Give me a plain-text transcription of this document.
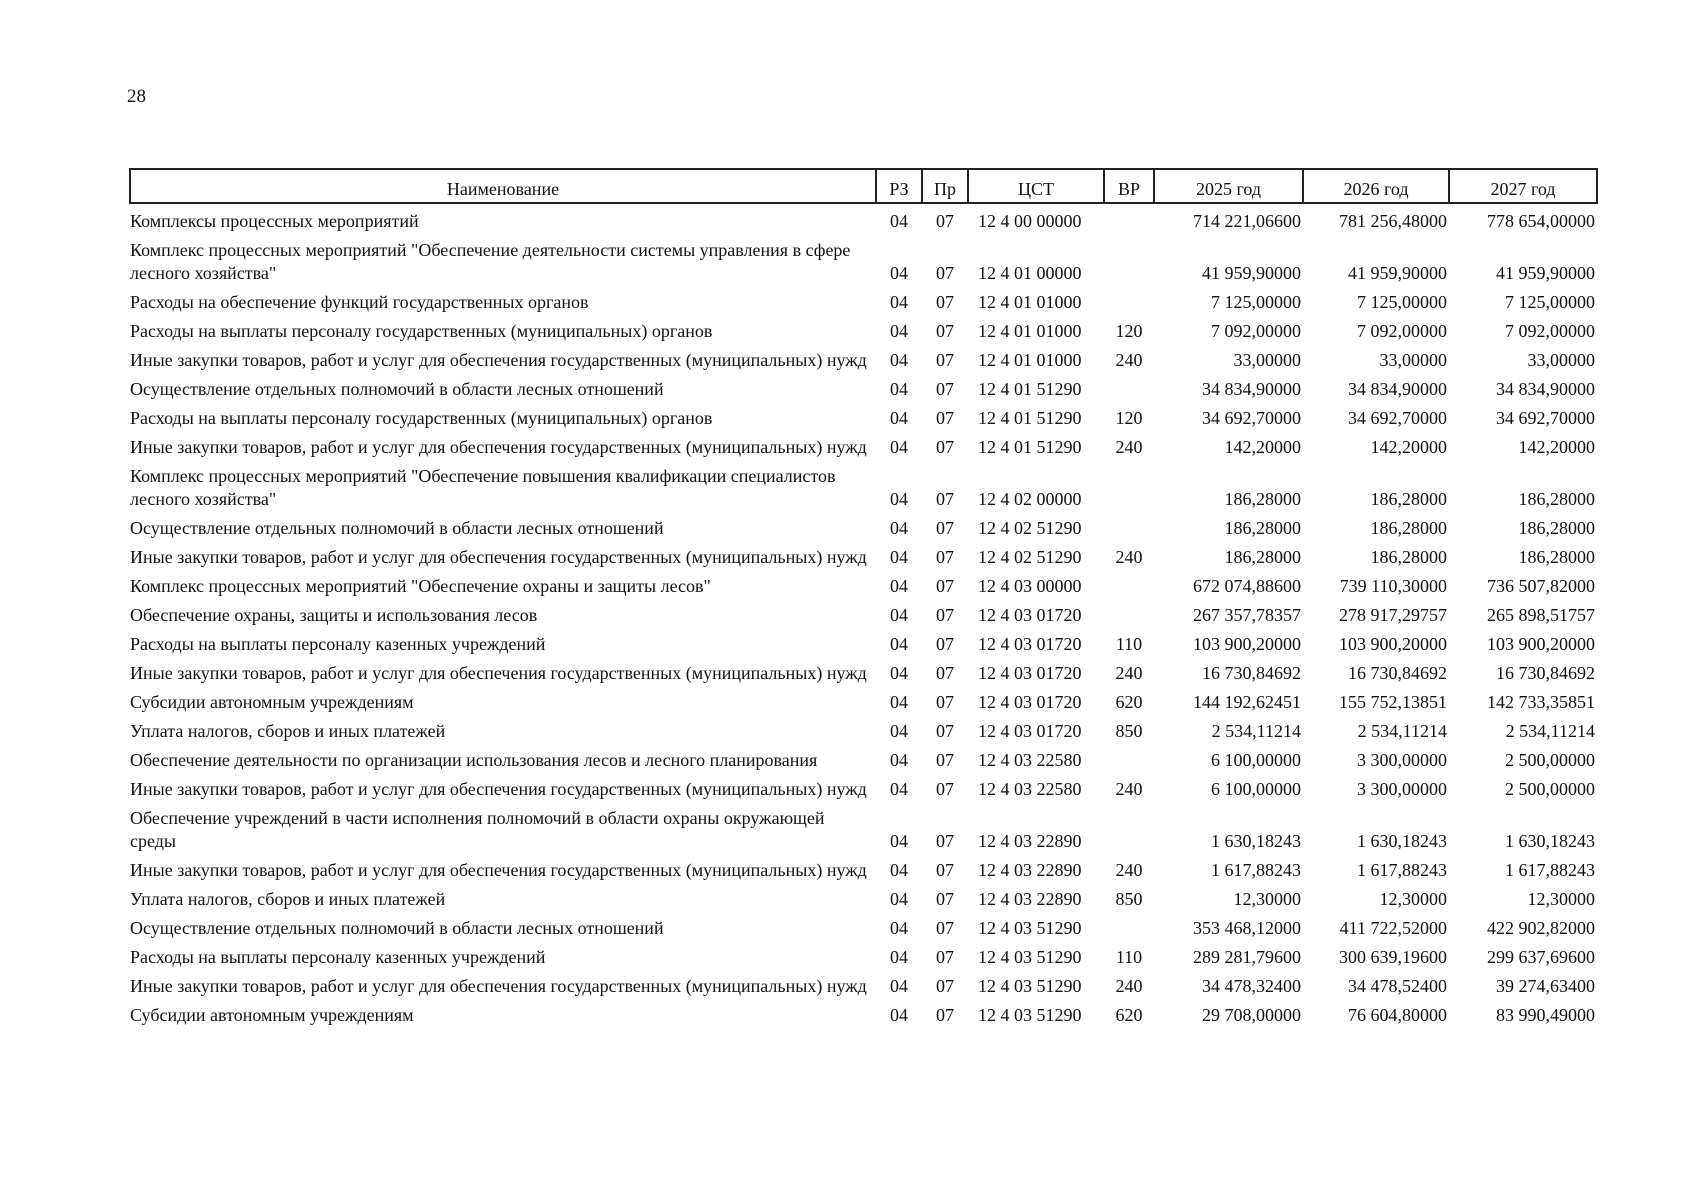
28
Наименование	РЗ	Пр	ЦСТ	ВР	2025 год	2026 год	2027 год
Комплексы процессных мероприятий	04	07	12 4 00 00000		714 221,06600	781 256,48000	778 654,00000
Комплекс процессных мероприятий "Обеспечение деятельности системы управления в сфере лесного хозяйства"	04	07	12 4 01 00000		41 959,90000	41 959,90000	41 959,90000
Расходы на обеспечение функций государственных органов	04	07	12 4 01 01000		7 125,00000	7 125,00000	7 125,00000
Расходы на выплаты персоналу государственных (муниципальных) органов	04	07	12 4 01 01000	120	7 092,00000	7 092,00000	7 092,00000
Иные закупки товаров, работ и услуг для обеспечения государственных (муниципальных) нужд	04	07	12 4 01 01000	240	33,00000	33,00000	33,00000
Осуществление отдельных полномочий в области лесных отношений	04	07	12 4 01 51290		34 834,90000	34 834,90000	34 834,90000
Расходы на выплаты персоналу государственных (муниципальных) органов	04	07	12 4 01 51290	120	34 692,70000	34 692,70000	34 692,70000
Иные закупки товаров, работ и услуг для обеспечения государственных (муниципальных) нужд	04	07	12 4 01 51290	240	142,20000	142,20000	142,20000
Комплекс процессных мероприятий "Обеспечение повышения квалификации специалистов лесного хозяйства"	04	07	12 4 02 00000		186,28000	186,28000	186,28000
Осуществление отдельных полномочий в области лесных отношений	04	07	12 4 02 51290		186,28000	186,28000	186,28000
Иные закупки товаров, работ и услуг для обеспечения государственных (муниципальных) нужд	04	07	12 4 02 51290	240	186,28000	186,28000	186,28000
Комплекс процессных мероприятий "Обеспечение охраны и защиты лесов"	04	07	12 4 03 00000		672 074,88600	739 110,30000	736 507,82000
Обеспечение охраны, защиты и использования лесов	04	07	12 4 03 01720		267 357,78357	278 917,29757	265 898,51757
Расходы на выплаты персоналу казенных учреждений	04	07	12 4 03 01720	110	103 900,20000	103 900,20000	103 900,20000
Иные закупки товаров, работ и услуг для обеспечения государственных (муниципальных) нужд	04	07	12 4 03 01720	240	16 730,84692	16 730,84692	16 730,84692
Субсидии автономным учреждениям	04	07	12 4 03 01720	620	144 192,62451	155 752,13851	142 733,35851
Уплата налогов, сборов и иных платежей	04	07	12 4 03 01720	850	2 534,11214	2 534,11214	2 534,11214
Обеспечение деятельности по организации использования лесов и лесного планирования	04	07	12 4 03 22580		6 100,00000	3 300,00000	2 500,00000
Иные закупки товаров, работ и услуг для обеспечения государственных (муниципальных) нужд	04	07	12 4 03 22580	240	6 100,00000	3 300,00000	2 500,00000
Обеспечение учреждений в части исполнения полномочий в области охраны окружающей среды	04	07	12 4 03 22890		1 630,18243	1 630,18243	1 630,18243
Иные закупки товаров, работ и услуг для обеспечения государственных (муниципальных) нужд	04	07	12 4 03 22890	240	1 617,88243	1 617,88243	1 617,88243
Уплата налогов, сборов и иных платежей	04	07	12 4 03 22890	850	12,30000	12,30000	12,30000
Осуществление отдельных полномочий в области лесных отношений	04	07	12 4 03 51290		353 468,12000	411 722,52000	422 902,82000
Расходы на выплаты персоналу казенных учреждений	04	07	12 4 03 51290	110	289 281,79600	300 639,19600	299 637,69600
Иные закупки товаров, работ и услуг для обеспечения государственных (муниципальных) нужд	04	07	12 4 03 51290	240	34 478,32400	34 478,52400	39 274,63400
Субсидии автономным учреждениям	04	07	12 4 03 51290	620	29 708,00000	76 604,80000	83 990,49000
